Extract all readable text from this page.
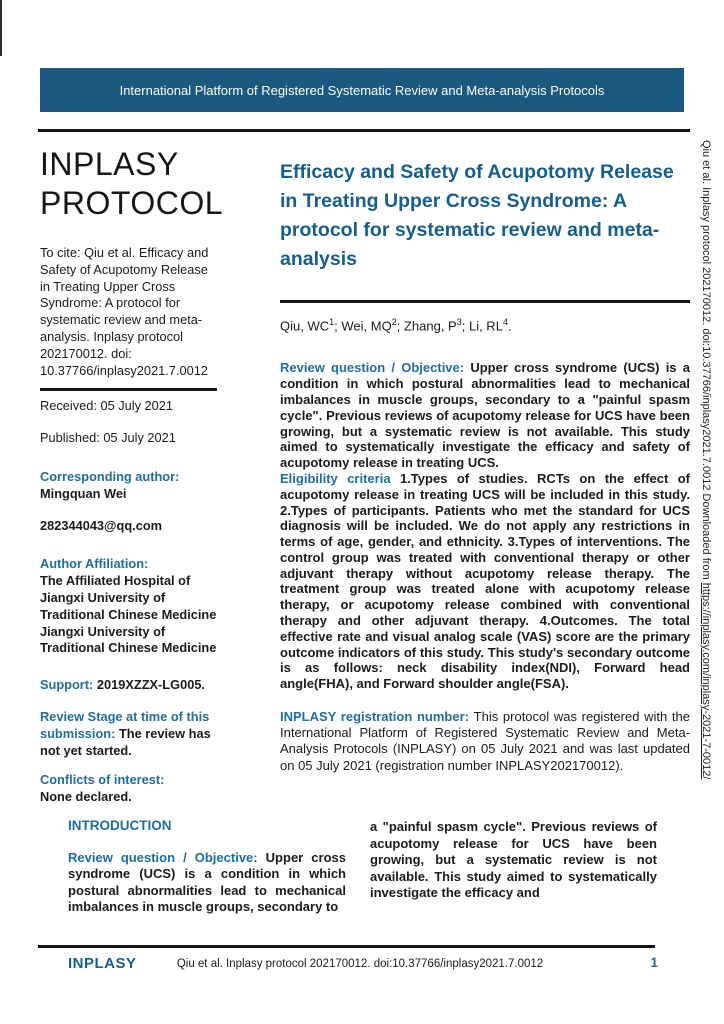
International Platform of Registered Systematic Review and Meta-analysis Protocols
INPLASY
PROTOCOL
To cite: Qiu et al. Efficacy and Safety of Acupotomy Release in Treating Upper Cross Syndrome: A protocol for systematic review and meta-analysis. Inplasy protocol 202170012. doi: 10.37766/inplasy2021.7.0012
Received: 05 July 2021
Published: 05 July 2021
Corresponding author:
Mingquan Wei
282344043@qq.com
Author Affiliation:
The Affiliated Hospital of Jiangxi University of Traditional Chinese Medicine Jiangxi University of Traditional Chinese Medicine
Support: 2019XZZX-LG005.
Review Stage at time of this submission: The review has not yet started.
Conflicts of interest:
None declared.
Efficacy and Safety of Acupotomy Release in Treating Upper Cross Syndrome: A protocol for systematic review and meta-analysis
Qiu, $WC^1$; Wei, $MQ^2$; Zhang, $P^3$; Li, $RL^4$.

Review question / Objective: Upper cross syndrome (UCS) is a condition in which postural abnormalities lead to mechanical imbalances in muscle groups, secondary to a "painful spasm cycle". Previous reviews of acupotomy release for UCS have been growing, but a systematic review is not available. This study aimed to systematically investigate the efficacy and safety of acupotomy release in treating UCS.

Eligibility criteria 1.Types of studies. RCTs on the effect of acupotomy release in treating UCS will be included in this study. 2.Types of participants. Patients who met the standard for UCS diagnosis will be included. We do not apply any restrictions in terms of age, gender, and ethnicity. 3.Types of interventions. The control group was treated with conventional therapy or other adjuvant therapy without acupotomy release therapy. The treatment group was treated alone with acupotomy release therapy, or acupotomy release combined with conventional therapy and other adjuvant therapy. 4.Outcomes. The total effective rate and visual analog scale (VAS) score are the primary outcome indicators of this study. This study's secondary outcome is as follows: neck disability index(NDI), Forward head angle(FHA), and Forward shoulder angle(FSA).

INPLASY registration number: This protocol was registered with the International Platform of Registered Systematic Review and Meta-Analysis Protocols (INPLASY) on 05 July 2021 and was last updated on 05 July 2021 (registration number INPLASY202170012).
INTRODUCTION

Review question / Objective: Upper cross syndrome (UCS) is a condition in which postural abnormalities lead to mechanical imbalances in muscle groups, secondary to

a "painful spasm cycle". Previous reviews of acupotomy release for UCS have been growing, but a systematic review is not available. This study aimed to systematically investigate the efficacy and
INPLASY	Qiu et al. Inplasy protocol 202170012. doi:10.37766/inplasy2021.7.0012	1
Qiu et al. Inplasy protocol 202170012. doi:10.37766/inplasy2021.7.0012 Downloaded from https://inplasy.com/inplasy-2021-7-0012/
